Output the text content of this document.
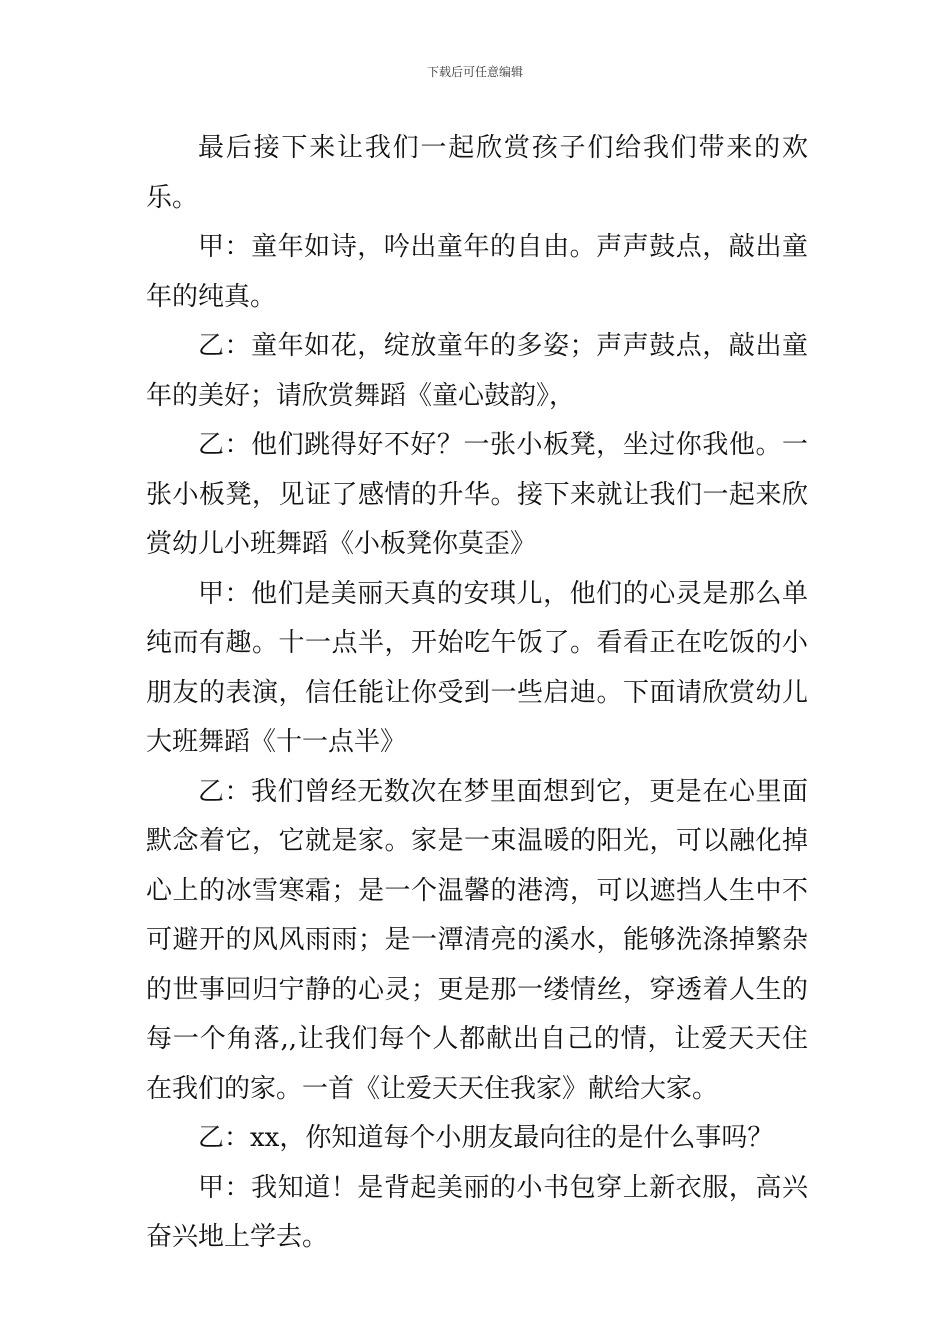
下载后可任意编辑

最后接下来让我们一起欣赏孩子们给我们带来的欢乐。

甲：童年如诗，吟出童年的自由。声声鼓点，敲出童年的纯真。

乙：童年如花，绽放童年的多姿；声声鼓点，敲出童年的美好；请欣赏舞蹈《童心鼓韵》，

乙：他们跳得好不好？一张小板凳，坐过你我他。一张小板凳，见证了感情的升华。接下来就让我们一起来欣赏幼儿小班舞蹈《小板凳你莫歪》

甲：他们是美丽天真的安琪儿，他们的心灵是那么单纯而有趣。十一点半，开始吃午饭了。看看正在吃饭的小朋友的表演，信任能让你受到一些启迪。下面请欣赏幼儿大班舞蹈《十一点半》

乙：我们曾经无数次在梦里面想到它，更是在心里面默念着它，它就是家。家是一束温暖的阳光，可以融化掉心上的冰雪寒霜；是一个温馨的港湾，可以遮挡人生中不可避开的风风雨雨；是一潭清亮的溪水，能够洗涤掉繁杂的世事回归宁静的心灵；更是那一缕情丝，穿透着人生的每一个角落,,让我们每个人都献出自己的情，让爱天天住在我们的家。一首《让爱天天住我家》献给大家。

乙：xx，你知道每个小朋友最向往的是什么事吗？

甲：我知道！是背起美丽的小书包穿上新衣服，高兴奋兴地上学去。
